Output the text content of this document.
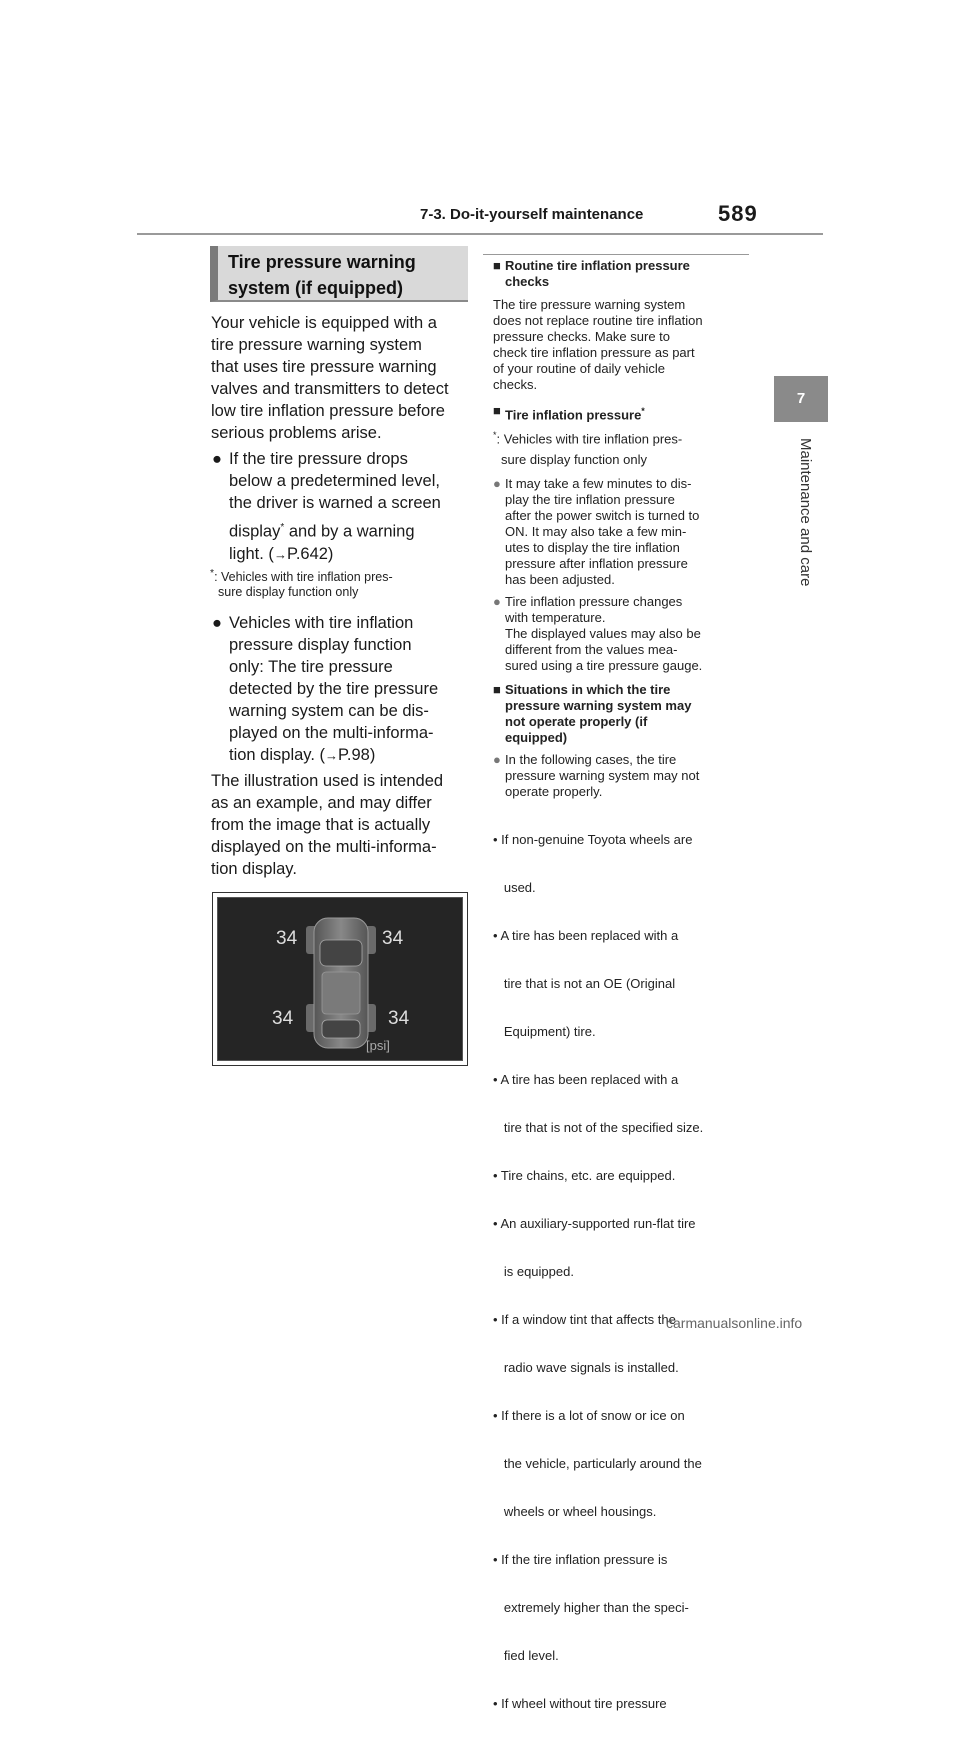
7-3. Do-it-yourself maintenance	589
7
Maintenance and care
Tire pressure warning
system (if equipped)
Your vehicle is equipped with a
tire pressure warning system
that uses tire pressure warning
valves and transmitters to detect
low tire inflation pressure before
serious problems arise.
● If the tire pressure drops
below a predetermined level,
the driver is warned a screen
display* and by a warning
light. (→P.642)
*: Vehicles with tire inflation pres-
sure display function only
● Vehicles with tire inflation
pressure display function
only: The tire pressure
detected by the tire pressure
warning system can be dis-
played on the multi-informa-
tion display. (→P.98)
The illustration used is intended
as an example, and may differ
from the image that is actually
displayed on the multi-informa-
tion display.
34	34
34	34
[psi]
■ Routine tire inflation pressure
checks
The tire pressure warning system
does not replace routine tire inflation
pressure checks. Make sure to
check tire inflation pressure as part
of your routine of daily vehicle
checks.
■ Tire inflation pressure*
*: Vehicles with tire inflation pres-
sure display function only
● It may take a few minutes to dis-
play the tire inflation pressure
after the power switch is turned to
ON. It may also take a few min-
utes to display the tire inflation
pressure after inflation pressure
has been adjusted.
● Tire inflation pressure changes
with temperature.
The displayed values may also be
different from the values mea-
sured using a tire pressure gauge.
■ Situations in which the tire
pressure warning system may
not operate properly (if
equipped)
● In the following cases, the tire
pressure warning system may not
operate properly.

• If non-genuine Toyota wheels are

used.

• A tire has been replaced with a

tire that is not an OE (Original

Equipment) tire.

• A tire has been replaced with a

tire that is not of the specified size.

• Tire chains, etc. are equipped.

• An auxiliary-supported run-flat tire

is equipped.

• If a window tint that affects the

radio wave signals is installed.

• If there is a lot of snow or ice on

the vehicle, particularly around the

wheels or wheel housings.

• If the tire inflation pressure is

extremely higher than the speci-

fied level.

• If wheel without tire pressure

carmanualsonline.info
